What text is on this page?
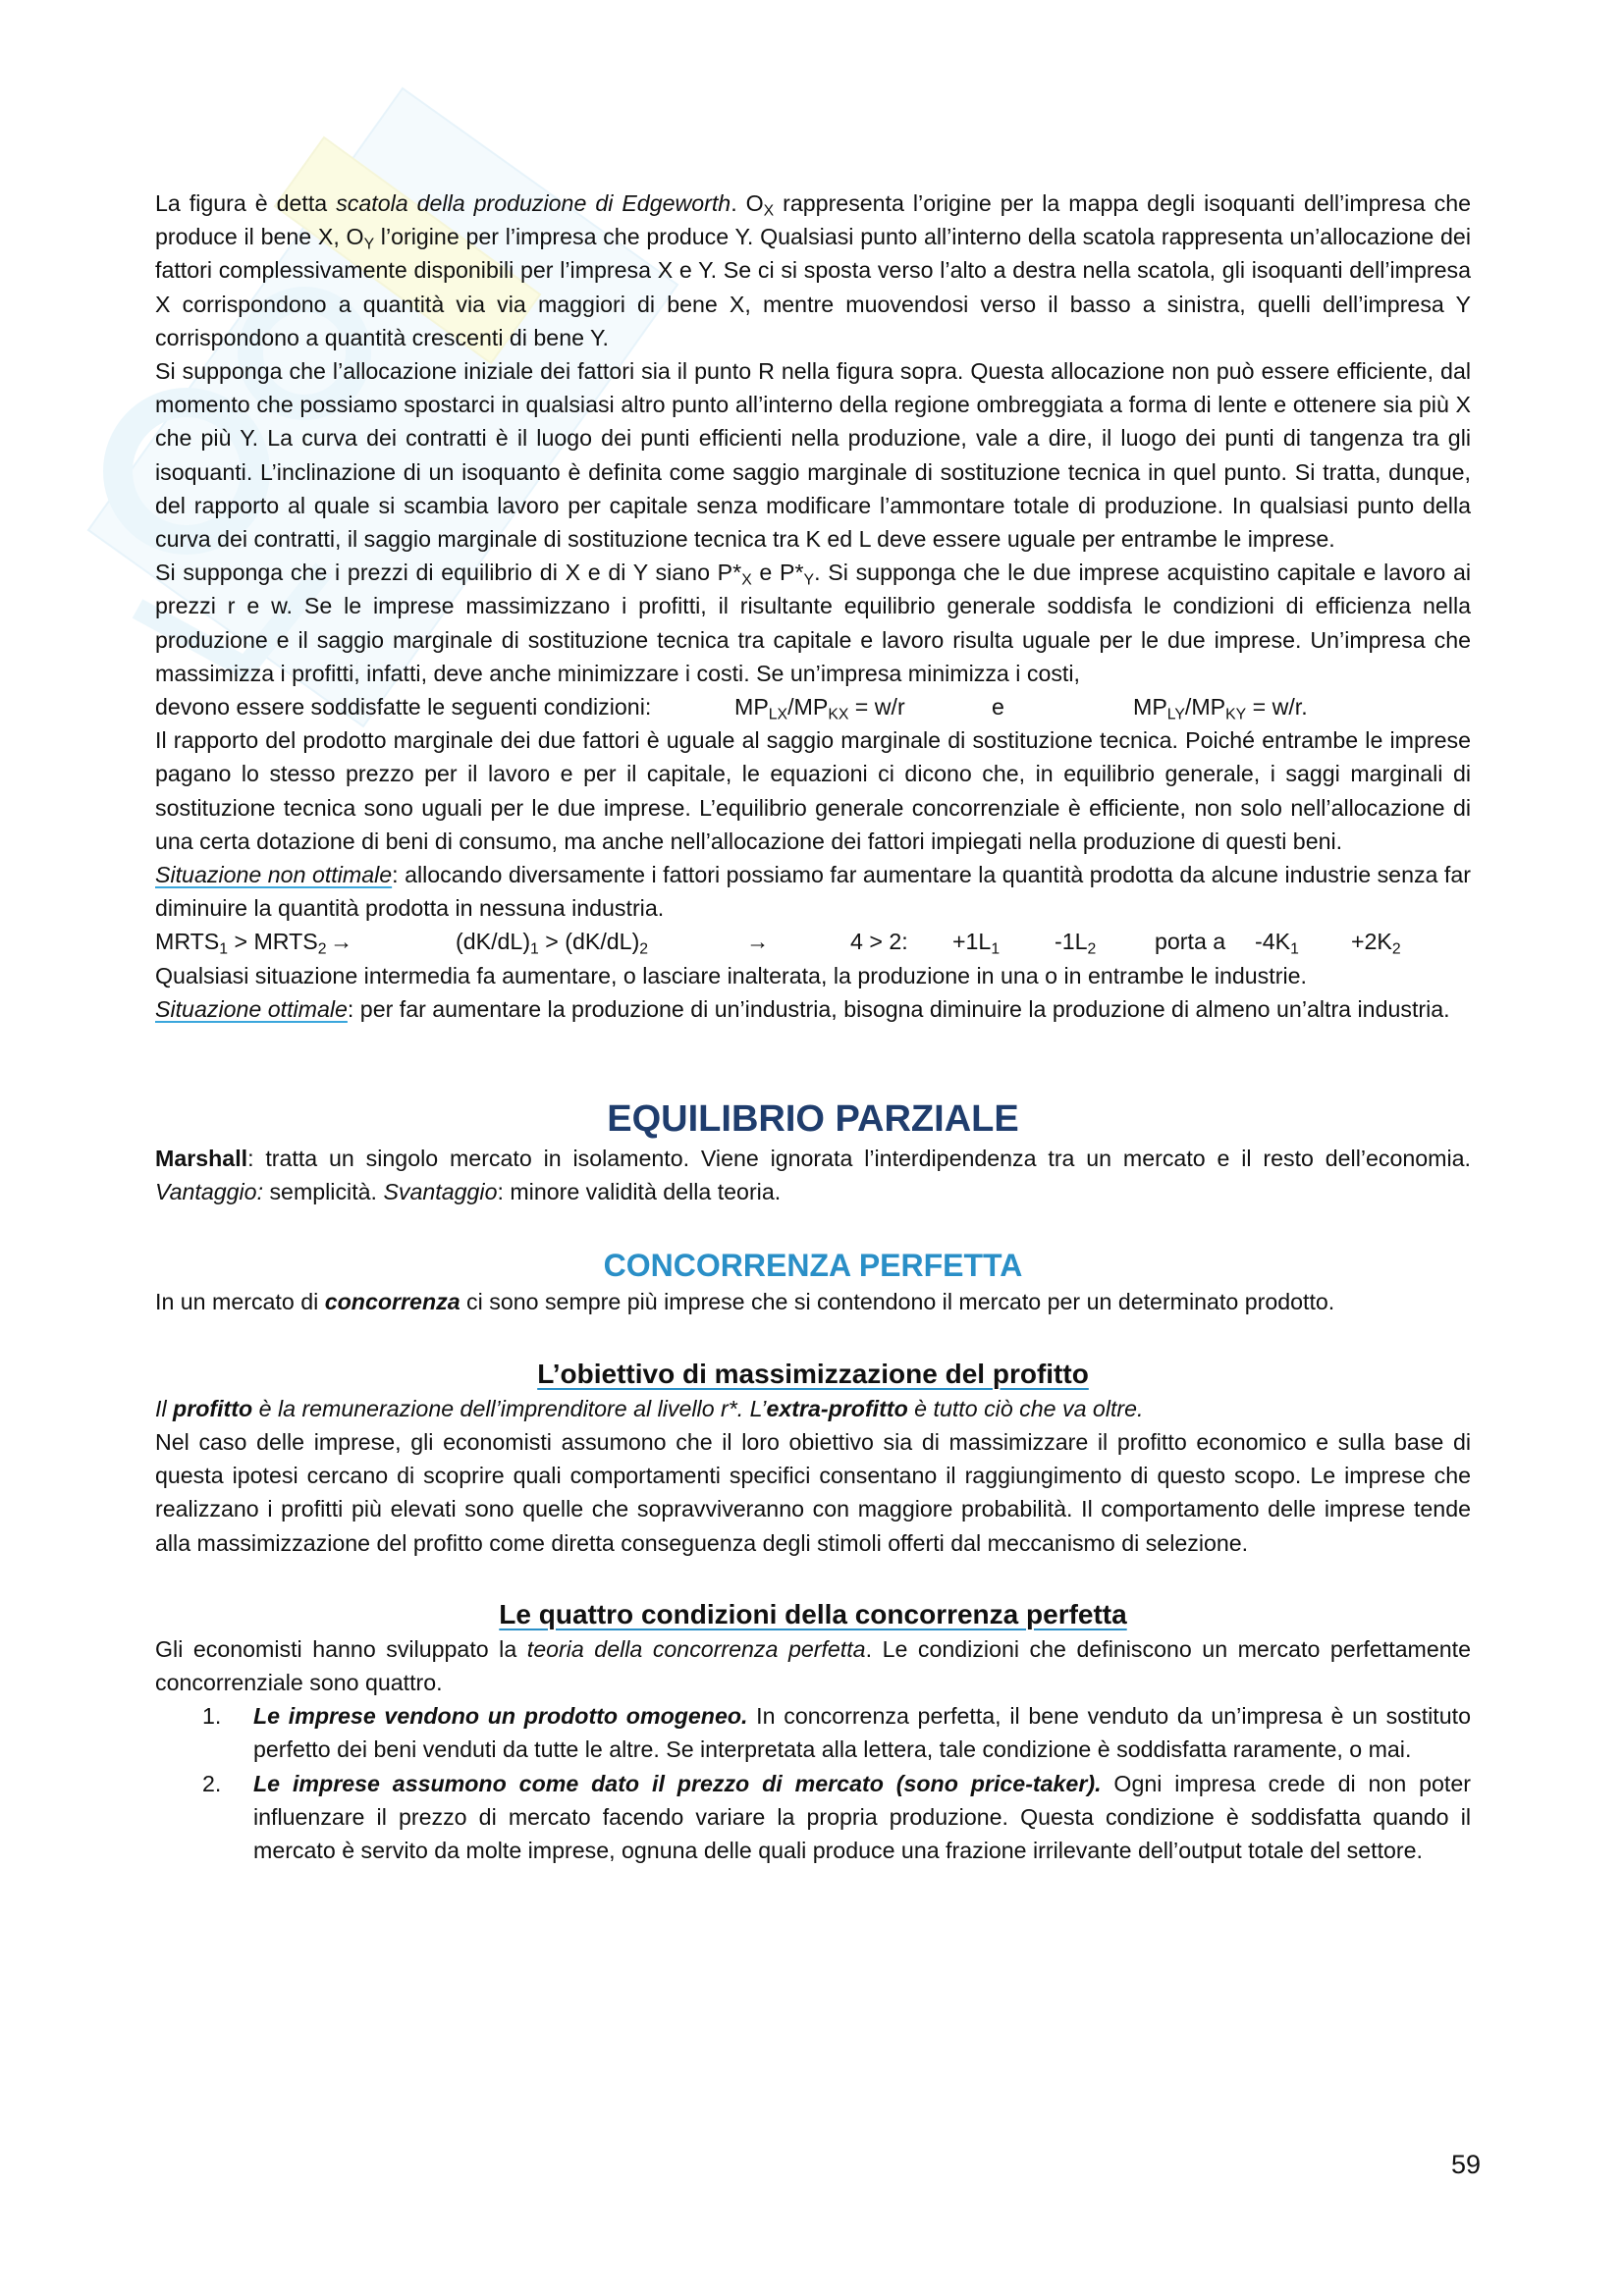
La figura è detta scatola della produzione di Edgeworth. $O_X$ rappresenta l’origine per la mappa degli isoquanti dell’impresa che produce il bene X, $O_Y$ l’origine per l’impresa che produce Y. Qualsiasi punto all’interno della scatola rappresenta un’allocazione dei fattori complessivamente disponibili per l’impresa X e Y. Se ci si sposta verso l’alto a destra nella scatola, gli isoquanti dell’impresa X corrispondono a quantità via via maggiori di bene X, mentre muovendosi verso il basso a sinistra, quelli dell’impresa Y corrispondono a quantità crescenti di bene Y.

Si supponga che l’allocazione iniziale dei fattori sia il punto R nella figura sopra. Questa allocazione non può essere efficiente, dal momento che possiamo spostarci in qualsiasi altro punto all’interno della regione ombreggiata a forma di lente e ottenere sia più X che più Y. La curva dei contratti è il luogo dei punti efficienti nella produzione, vale a dire, il luogo dei punti di tangenza tra gli isoquanti. L’inclinazione di un isoquanto è definita come saggio marginale di sostituzione tecnica in quel punto. Si tratta, dunque, del rapporto al quale si scambia lavoro per capitale senza modificare l’ammontare totale di produzione. In qualsiasi punto della curva dei contratti, il saggio marginale di sostituzione tecnica tra K ed L deve essere uguale per entrambe le imprese.

Si supponga che i prezzi di equilibrio di X e di Y siano $P*_X$ e $P*_Y$. Si supponga che le due imprese acquistino capitale e lavoro ai prezzi r e w. Se le imprese massimizzano i profitti, il risultante equilibrio generale soddisfa le condizioni di efficienza nella produzione e il saggio marginale di sostituzione tecnica tra capitale e lavoro risulta uguale per le due imprese. Un’impresa che massimizza i profitti, infatti, deve anche minimizzare i costi. Se un’impresa minimizza i costi,

devono essere soddisfatte le seguenti condizioni:	$MP_{LX}/MP_{KX} = w/r$	e	$MP_{LY}/MP_{KY} = w/r$.

Il rapporto del prodotto marginale dei due fattori è uguale al saggio marginale di sostituzione tecnica. Poiché entrambe le imprese pagano lo stesso prezzo per il lavoro e per il capitale, le equazioni ci dicono che, in equilibrio generale, i saggi marginali di sostituzione tecnica sono uguali per le due imprese. L’equilibrio generale concorrenziale è efficiente, non solo nell’allocazione di una certa dotazione di beni di consumo, ma anche nell’allocazione dei fattori impiegati nella produzione di questi beni.

Situazione non ottimale: allocando diversamente i fattori possiamo far aumentare la quantità prodotta da alcune industrie senza far diminuire la quantità prodotta in nessuna industria.

$MRTS_1$ > $MRTS_2$ →	$(dK/dL)_1 > (dK/dL)_2$	→	4 > 2:	$+1L_1$	$-1L_2$	porta a	$-4K_1$	$+2K_2$

Qualsiasi situazione intermedia fa aumentare, o lasciare inalterata, la produzione in una o in entrambe le industrie.

Situazione ottimale: per far aumentare la produzione di un’industria, bisogna diminuire la produzione di almeno un’altra industria.

EQUILIBRIO PARZIALE

Marshall: tratta un singolo mercato in isolamento. Viene ignorata l’interdipendenza tra un mercato e il resto dell’economia. Vantaggio: semplicità. Svantaggio: minore validità della teoria.

CONCORRENZA PERFETTA

In un mercato di concorrenza ci sono sempre più imprese che si contendono il mercato per un determinato prodotto.

L’obiettivo di massimizzazione del profitto

Il profitto è la remunerazione dell’imprenditore al livello r*. L’extra-profitto è tutto ciò che va oltre.

Nel caso delle imprese, gli economisti assumono che il loro obiettivo sia di massimizzare il profitto economico e sulla base di questa ipotesi cercano di scoprire quali comportamenti specifici consentano il raggiungimento di questo scopo. Le imprese che realizzano i profitti più elevati sono quelle che sopravviveranno con maggiore probabilità. Il comportamento delle imprese tende alla massimizzazione del profitto come diretta conseguenza degli stimoli offerti dal meccanismo di selezione.

Le quattro condizioni della concorrenza perfetta

Gli economisti hanno sviluppato la teoria della concorrenza perfetta. Le condizioni che definiscono un mercato perfettamente concorrenziale sono quattro.

1. Le imprese vendono un prodotto omogeneo. In concorrenza perfetta, il bene venduto da un’impresa è un sostituto perfetto dei beni venduti da tutte le altre. Se interpretata alla lettera, tale condizione è soddisfatta raramente, o mai.
2. Le imprese assumono come dato il prezzo di mercato (sono price-taker). Ogni impresa crede di non poter influenzare il prezzo di mercato facendo variare la propria produzione. Questa condizione è soddisfatta quando il mercato è servito da molte imprese, ognuna delle quali produce una frazione irrilevante dell’output totale del settore.
59
